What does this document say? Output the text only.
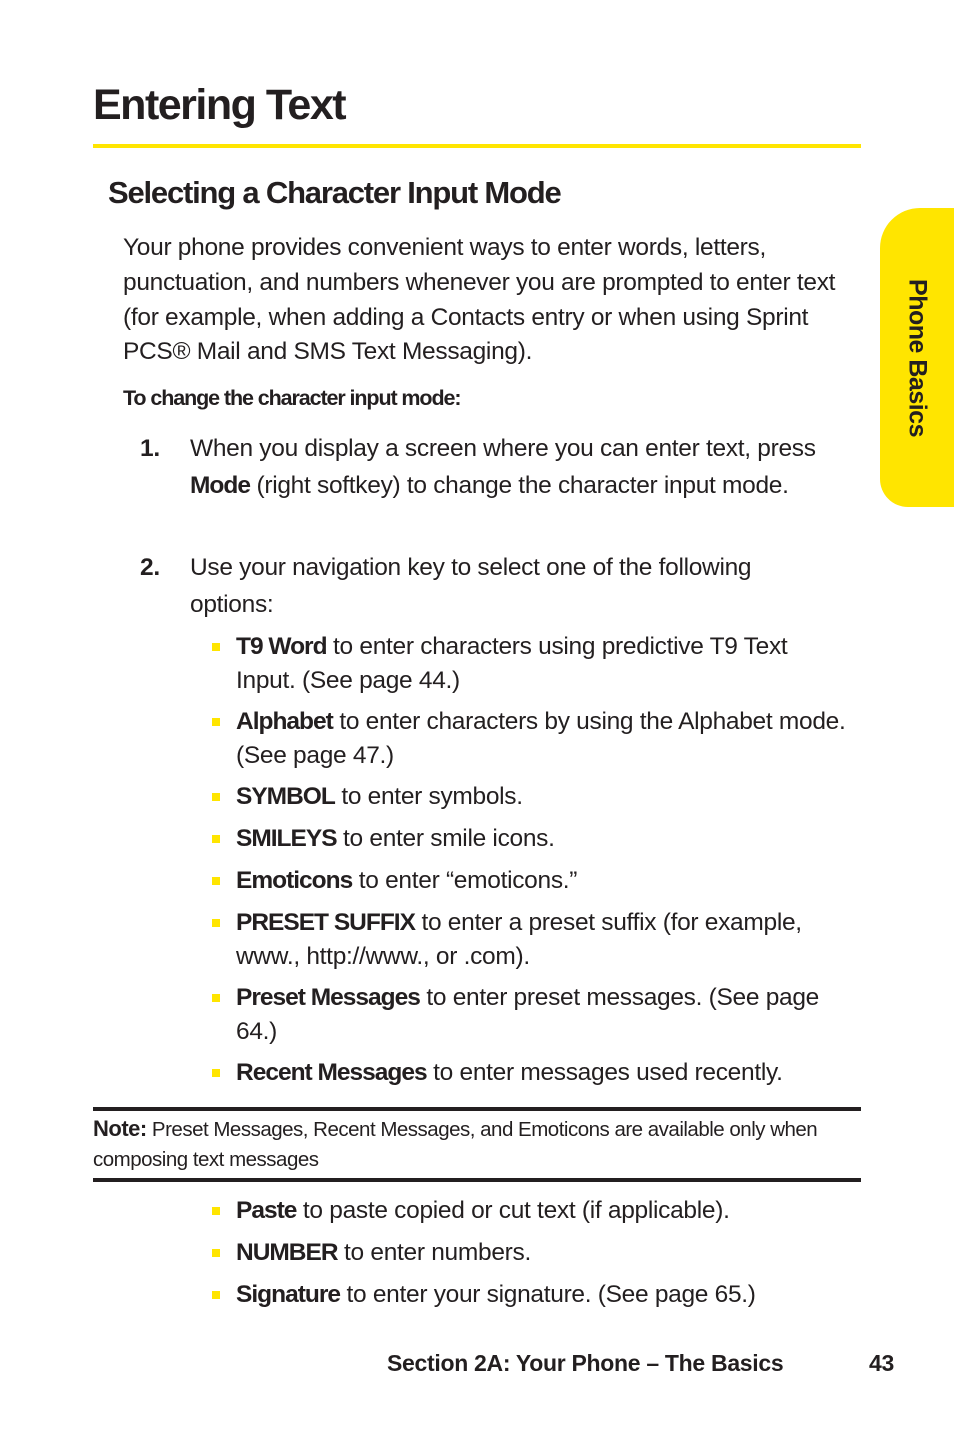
Entering Text
Selecting a Character Input Mode

Your phone provides convenient ways to enter words, letters, punctuation, and numbers whenever you are prompted to enter text (for example, when adding a Contacts entry or when using Sprint PCS® Mail and SMS Text Messaging).

To change the character input mode:

1. When you display a screen where you can enter text, press Mode (right softkey) to change the character input mode.
2. Use your navigation key to select one of the following options:
T9 Word to enter characters using predictive T9 Text Input. (See page 44.)
Alphabet to enter characters by using the Alphabet mode. (See page 47.)
SYMBOL to enter symbols.
SMILEYS to enter smile icons.
Emoticons to enter “emoticons.”
PRESET SUFFIX to enter a preset suffix (for example, www., http://www., or .com).
Preset Messages to enter preset messages. (See page 64.)
Recent Messages to enter messages used recently.

Note: Preset Messages, Recent Messages, and Emoticons are available only when composing text messages

Paste to paste copied or cut text (if applicable).
NUMBER to enter numbers.
Signature to enter your signature. (See page 65.)
Phone Basics
Section 2A: Your Phone – The Basics	43
